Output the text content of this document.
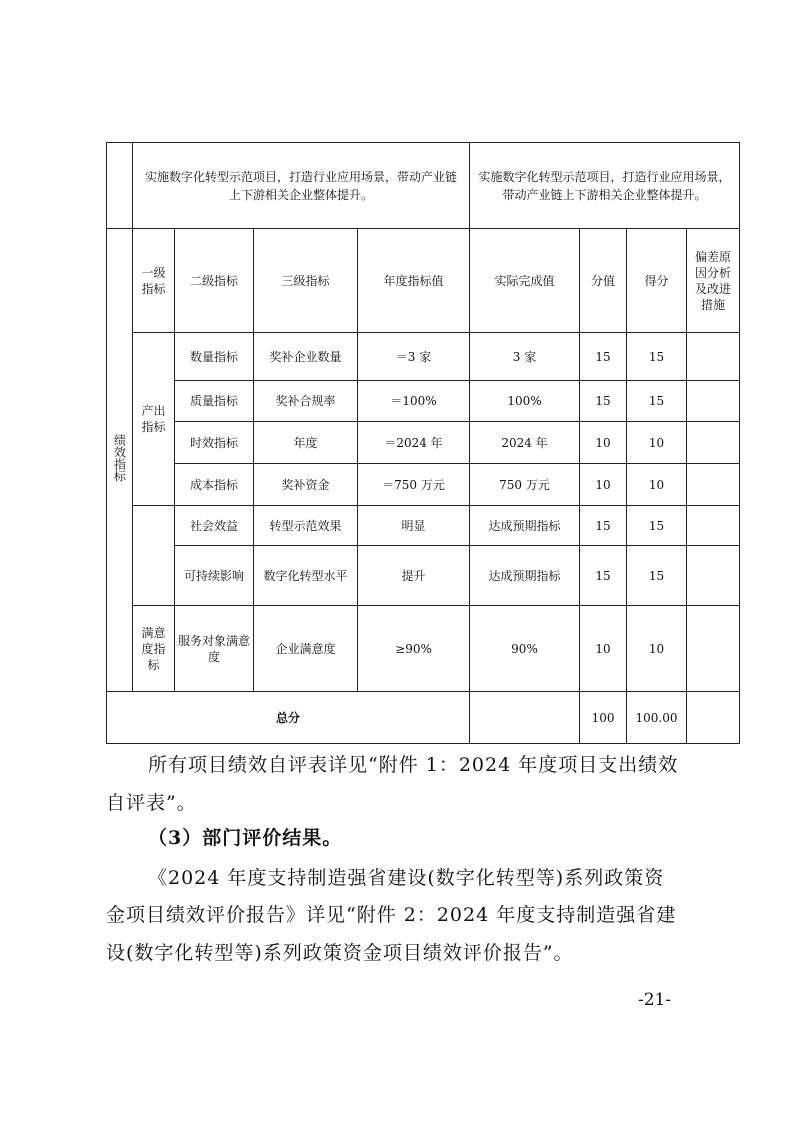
	实施数字化转型示范项目，打造行业应用场景，带动产业链上下游相关企业整体提升。				实施数字化转型示范项目，打造行业应用场景，带动产业链上下游相关企业整体提升。			
绩效指标	一级指标	二级指标	三级指标	年度指标值	实际完成值	分值	得分	偏差原因分析及改进措施
	产出指标	数量指标	奖补企业数量	＝3 家	3 家	15	15	
		质量指标	奖补合规率	＝100%	100%	15	15	
		时效指标	年度	＝2024 年	2024 年	10	10	
		成本指标	奖补资金	＝750 万元	750 万元	10	10	
		社会效益	转型示范效果	明显	达成预期指标	15	15	
		可持续影响	数字化转型水平	提升	达成预期指标	15	15	
	满意度指标	服务对象满意度	企业满意度	≥90%	90%	10	10	
总分						100	100.00	
所有项目绩效自评表详见“附件 1：2024 年度项目支出绩效
自评表”。
（3）部门评价结果。
《2024 年度支持制造强省建设(数字化转型等)系列政策资
金项目绩效评价报告》详见“附件 2：2024 年度支持制造强省建
设(数字化转型等)系列政策资金项目绩效评价报告”。
-21-
